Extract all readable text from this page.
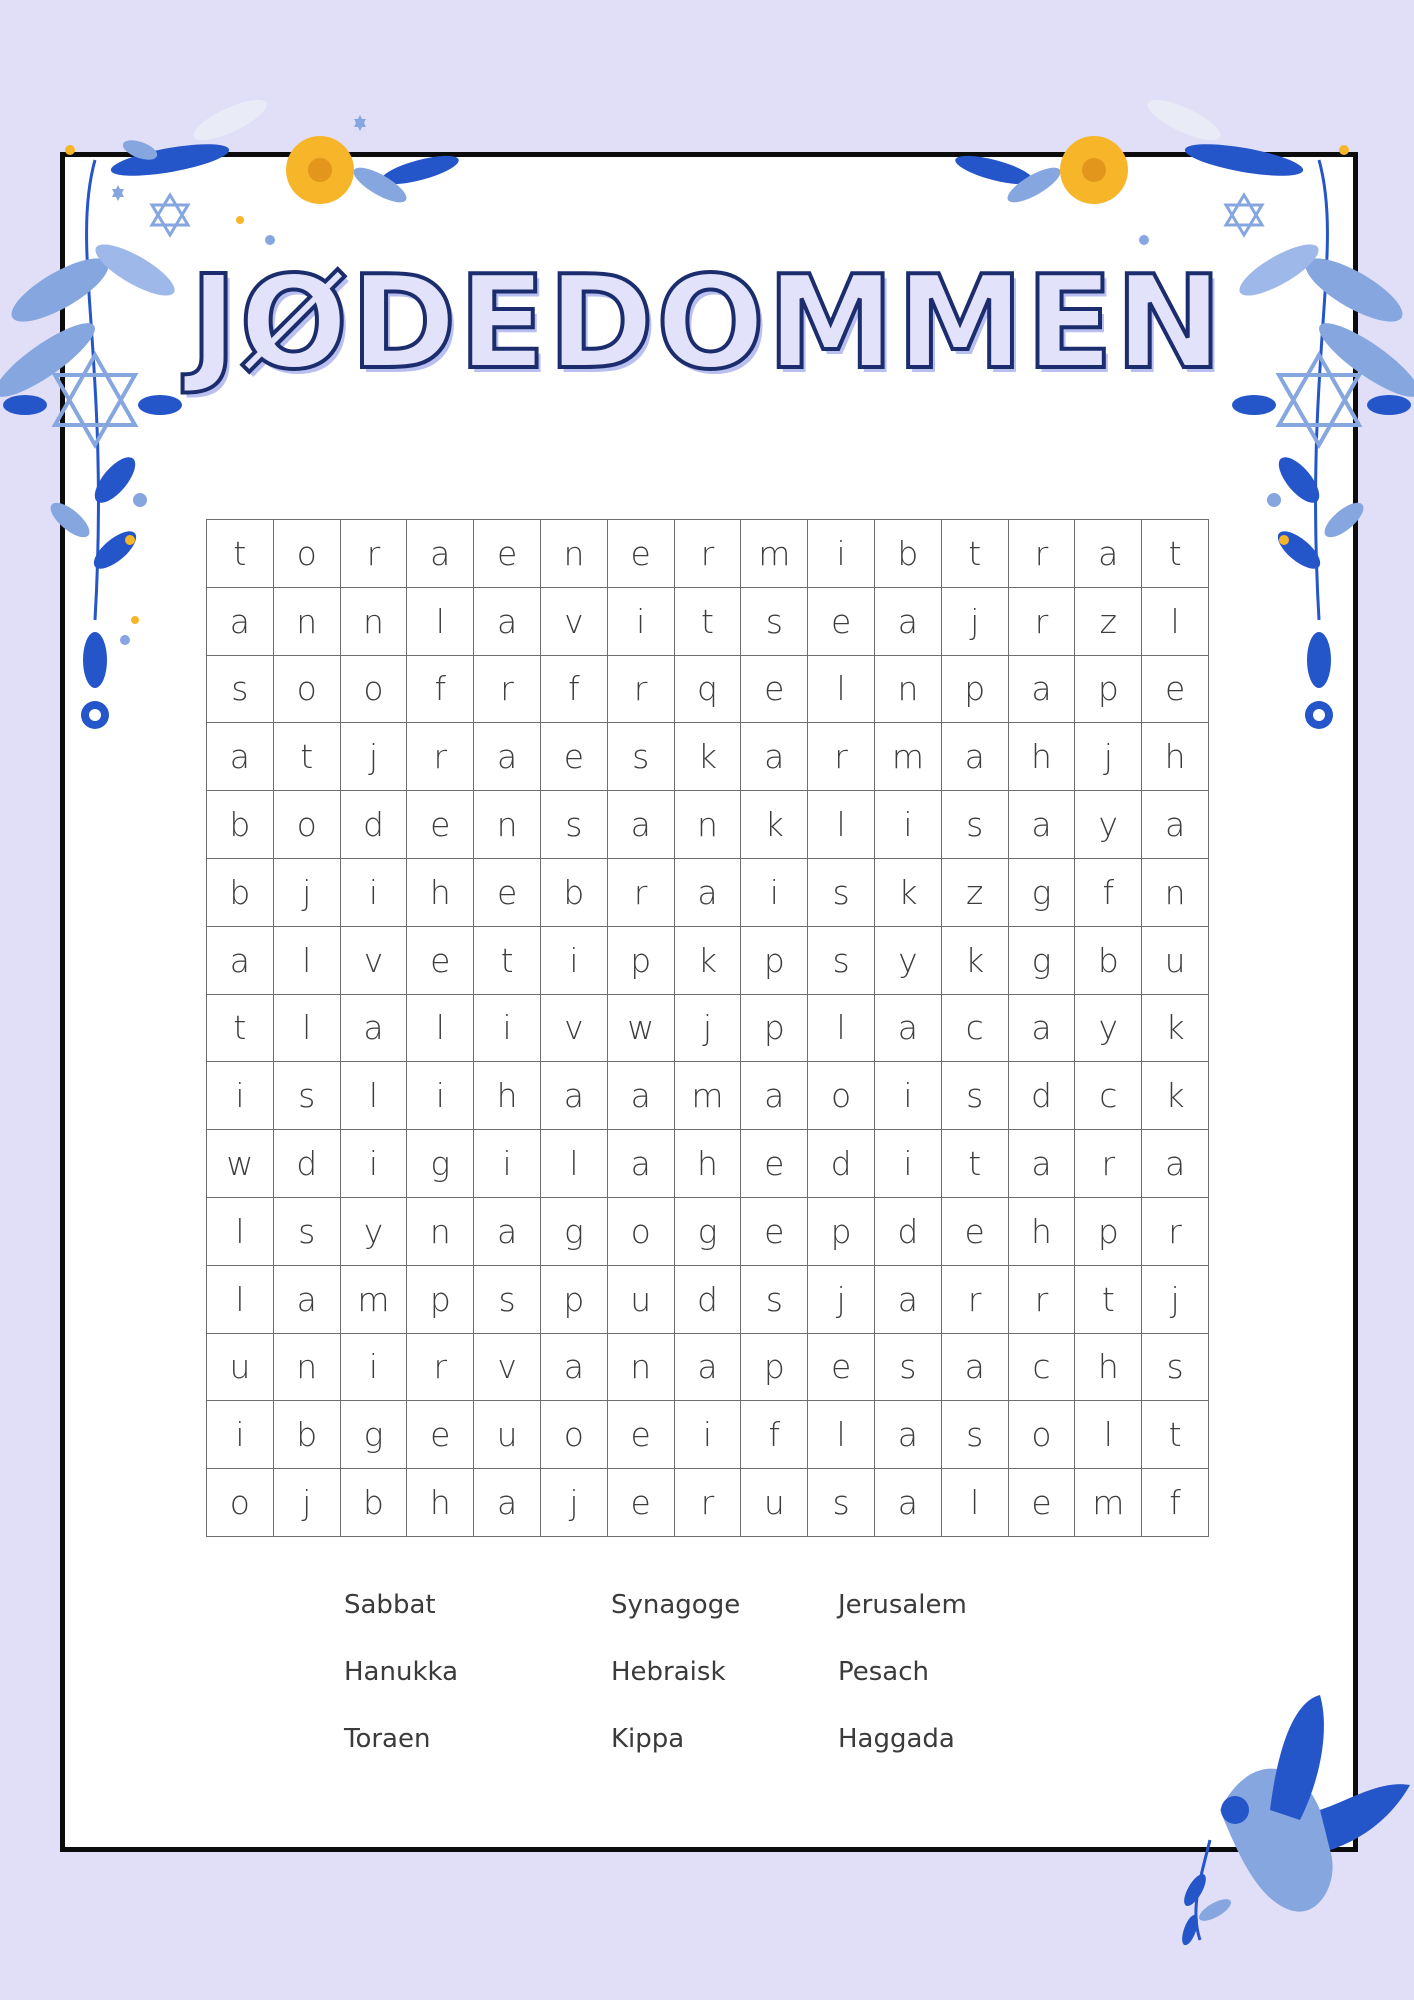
JØDEDOMMEN
t	o	r	a	e	n	e	r	m	i	b	t	r	a	t
a	n	n	l	a	v	i	t	s	e	a	j	r	z	l
s	o	o	f	r	f	r	q	e	l	n	p	a	p	e
a	t	j	r	a	e	s	k	a	r	m	a	h	j	h
b	o	d	e	n	s	a	n	k	l	i	s	a	y	a
b	j	i	h	e	b	r	a	i	s	k	z	g	f	n
a	l	v	e	t	i	p	k	p	s	y	k	g	b	u
t	l	a	l	i	v	w	j	p	l	a	c	a	y	k
i	s	l	i	h	a	a	m	a	o	i	s	d	c	k
w	d	i	g	i	l	a	h	e	d	i	t	a	r	a
l	s	y	n	a	g	o	g	e	p	d	e	h	p	r
l	a	m	p	s	p	u	d	s	j	a	r	r	t	j
u	n	i	r	v	a	n	a	p	e	s	a	c	h	s
i	b	g	e	u	o	e	i	f	l	a	s	o	l	t
o	j	b	h	a	j	e	r	u	s	a	l	e	m	f
Sabbat	Synagoge	Jerusalem
Hanukka	Hebraisk	Pesach
Toraen	Kippa	Haggada
